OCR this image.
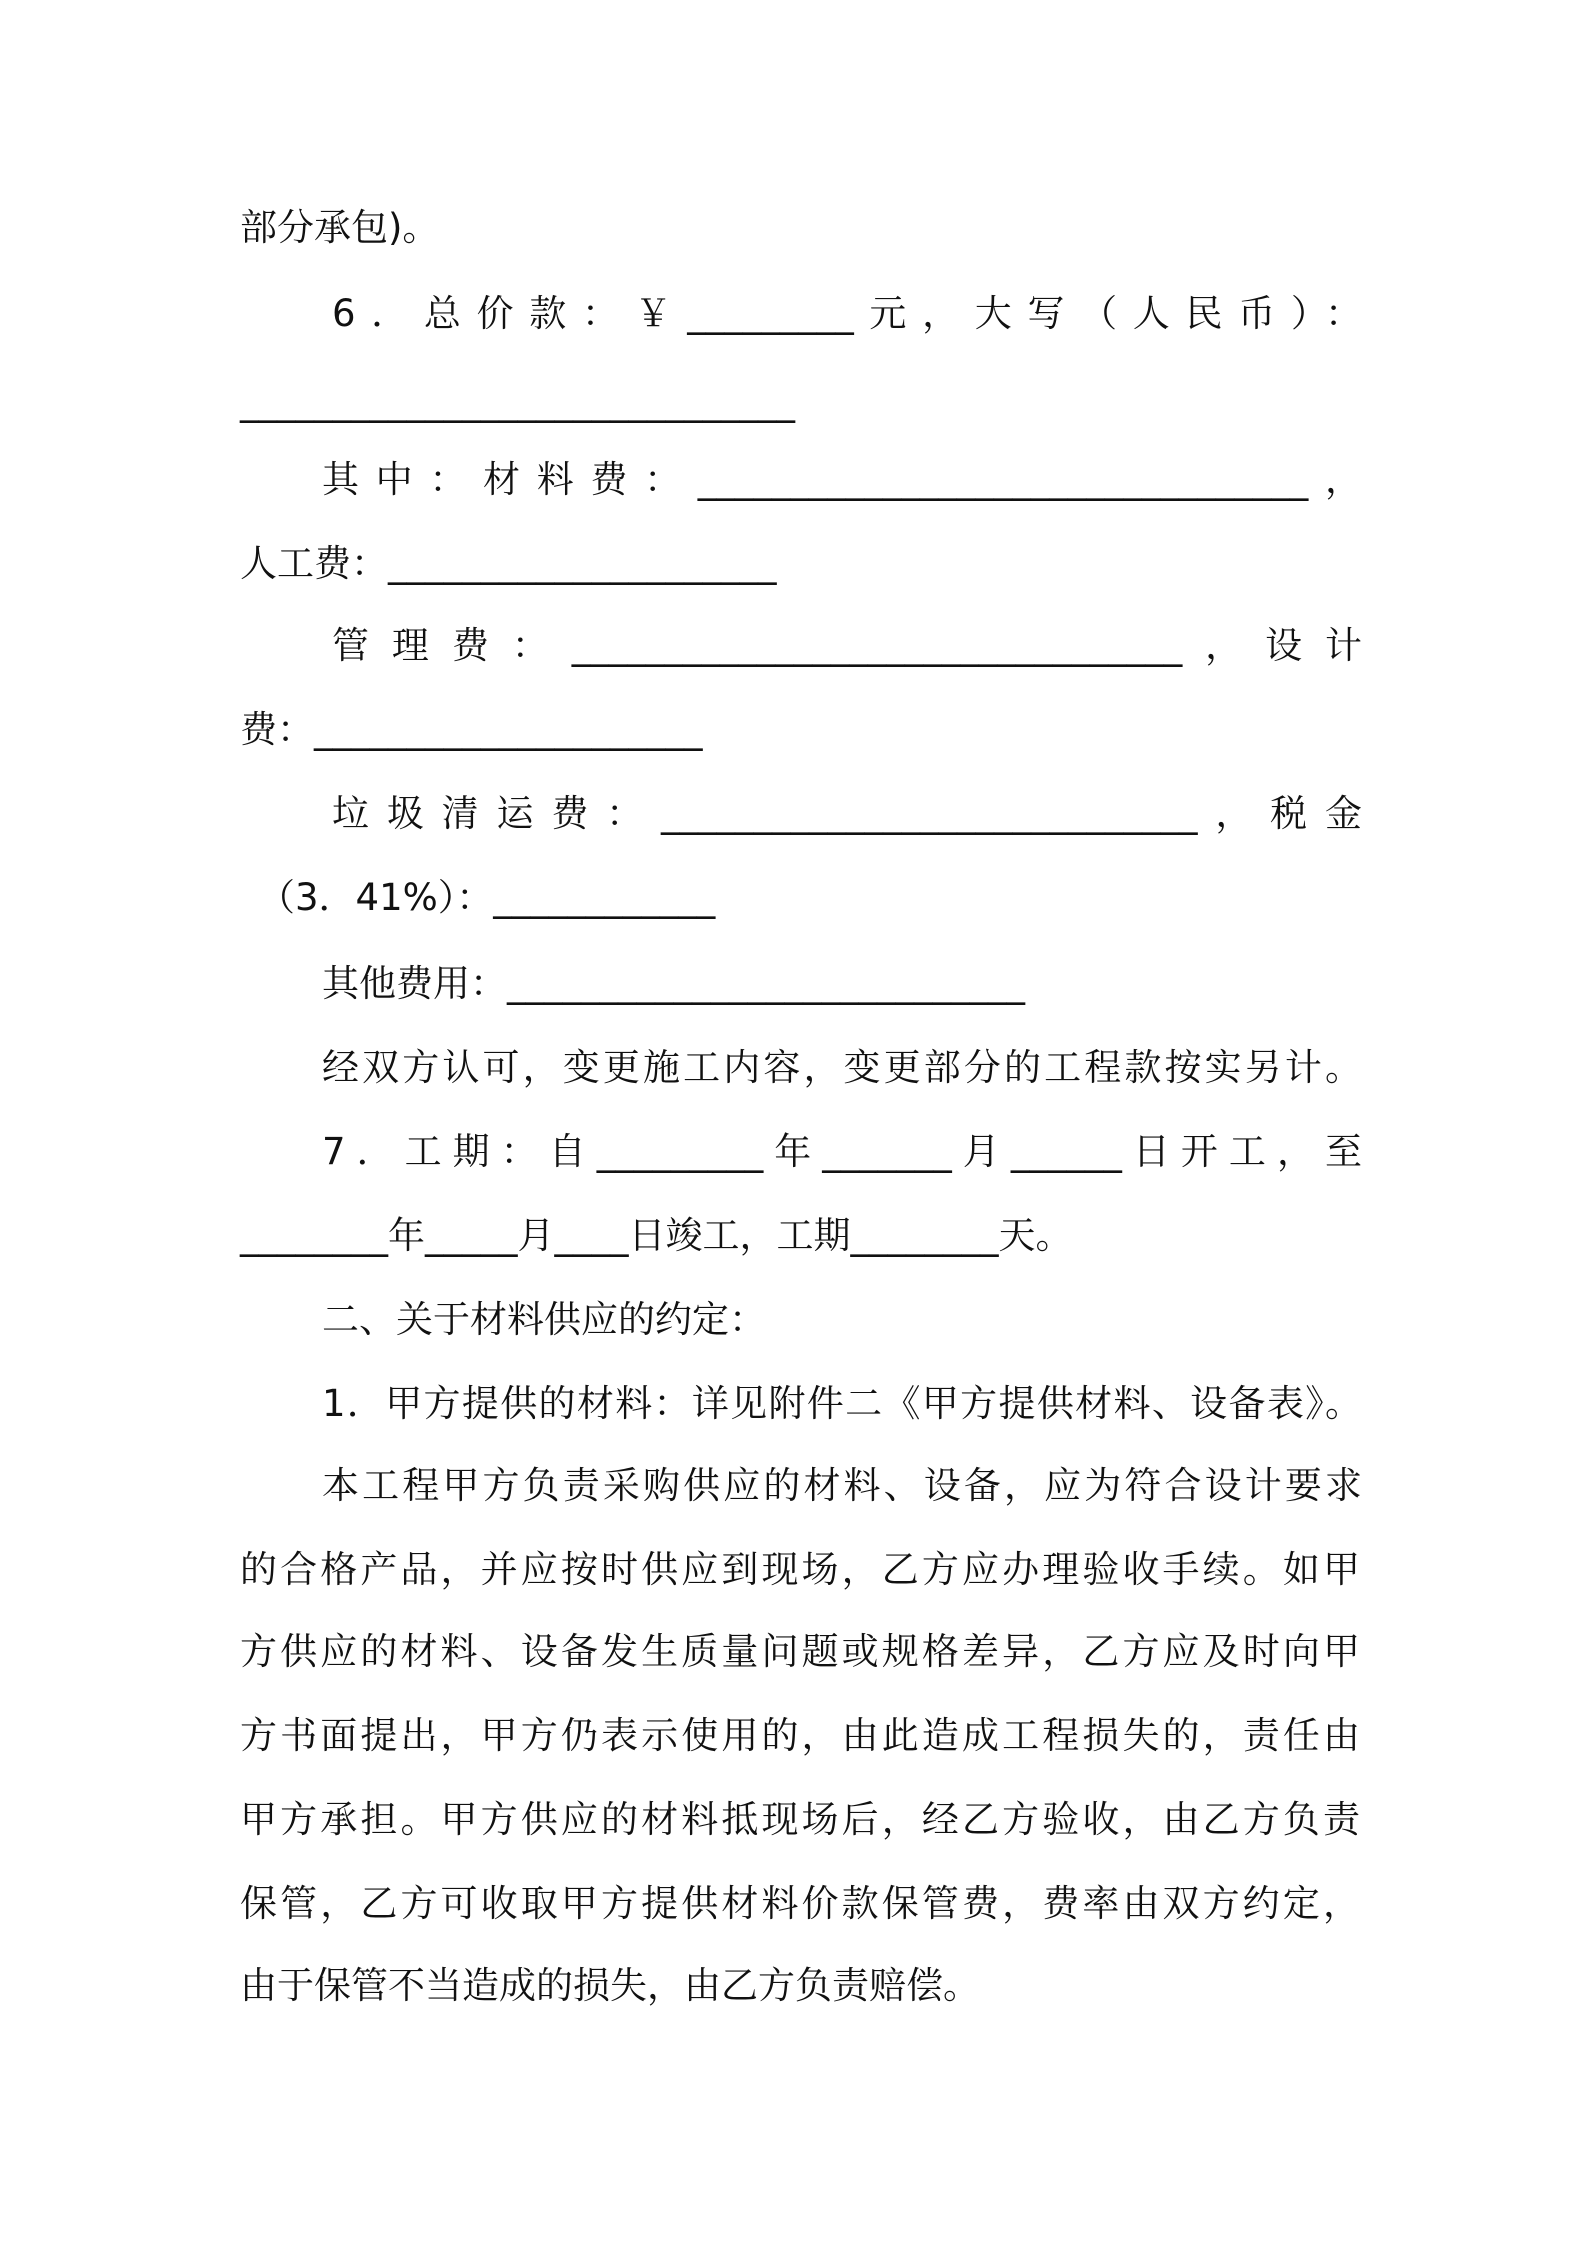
部分承包)。
6．总价款：￥_________元，大写（人民币）：
______________________________
其中：材料费：_________________________________，
人工费：_____________________
管理费：_________________________________，设计
费：_____________________
垃圾清运费：_____________________________，税金
（3．41%）：____________
其他费用：____________________________
经双方认可，变更施工内容，变更部分的工程款按实另计。
7．工期：自_________年_______月______日开工，至
________年_____月____日竣工，工期________天。
二、关于材料供应的约定：
1．甲方提供的材料：详见附件二《甲方提供材料、设备表》。
本工程甲方负责采购供应的材料、设备，应为符合设计要求
的合格产品，并应按时供应到现场，乙方应办理验收手续。如甲
方供应的材料、设备发生质量问题或规格差异，乙方应及时向甲
方书面提出，甲方仍表示使用的，由此造成工程损失的，责任由
甲方承担。甲方供应的材料抵现场后，经乙方验收，由乙方负责
保管，乙方可收取甲方提供材料价款保管费，费率由双方约定，
由于保管不当造成的损失，由乙方负责赔偿。
